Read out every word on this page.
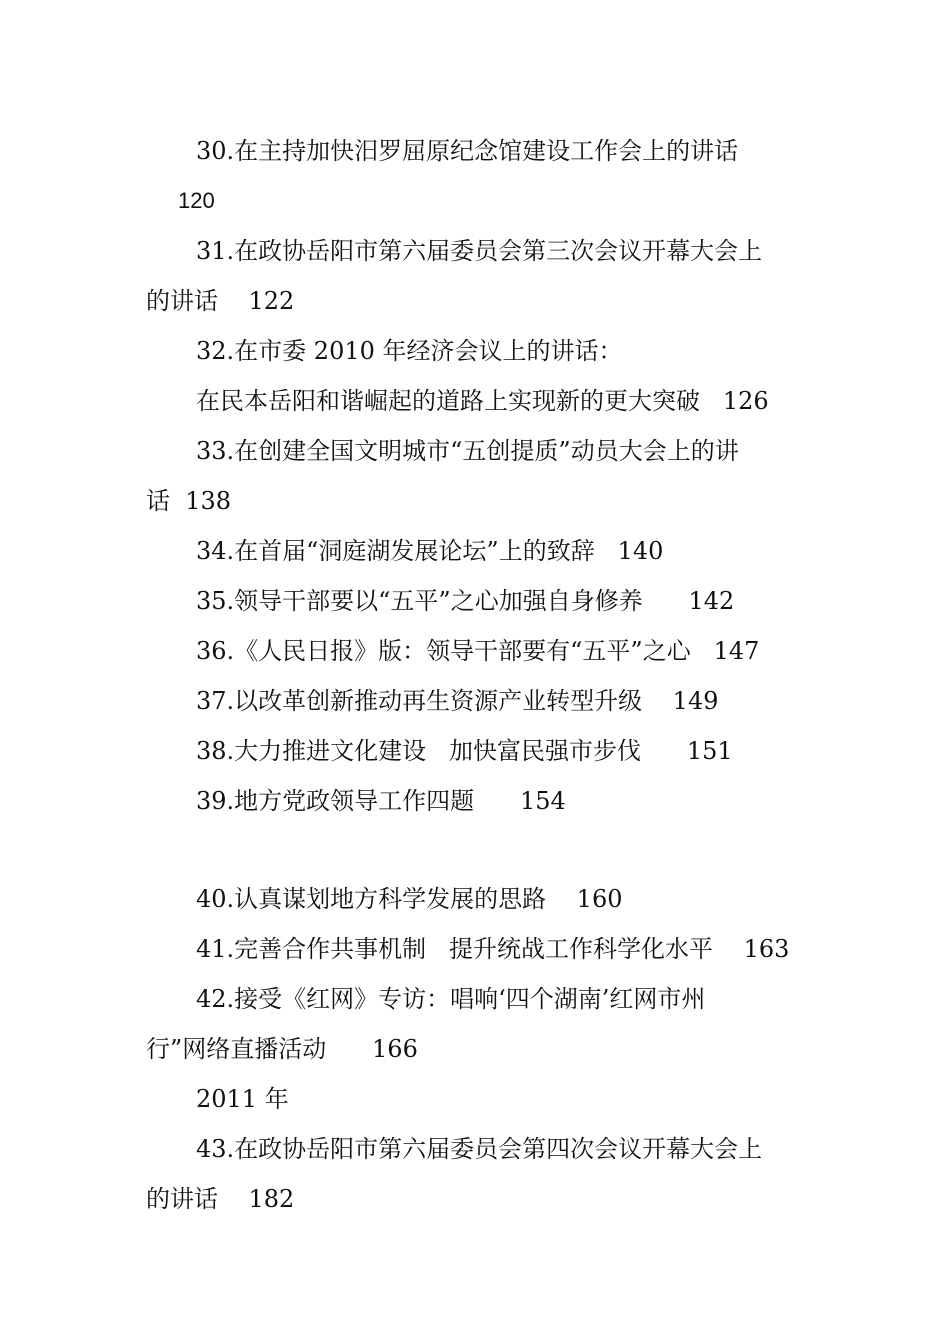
30.在主持加快汨罗屈原纪念馆建设工作会上的讲话
120
31.在政协岳阳市第六届委员会第三次会议开幕大会上
的讲话    122
32.在市委 2010 年经济会议上的讲话：
在民本岳阳和谐崛起的道路上实现新的更大突破   126
33.在创建全国文明城市“五创提质”动员大会上的讲
话  138
34.在首届“洞庭湖发展论坛”上的致辞   140
35.领导干部要以“五平”之心加强自身修养      142
36.《人民日报》版：领导干部要有“五平”之心   147
37.以改革创新推动再生资源产业转型升级    149
38.大力推进文化建设   加快富民强市步伐      151
39.地方党政领导工作四题      154
40.认真谋划地方科学发展的思路    160
41.完善合作共事机制   提升统战工作科学化水平    163
42.接受《红网》专访：唱响‘四个湖南’红网市州
行”网络直播活动      166
2011 年
43.在政协岳阳市第六届委员会第四次会议开幕大会上
的讲话    182
